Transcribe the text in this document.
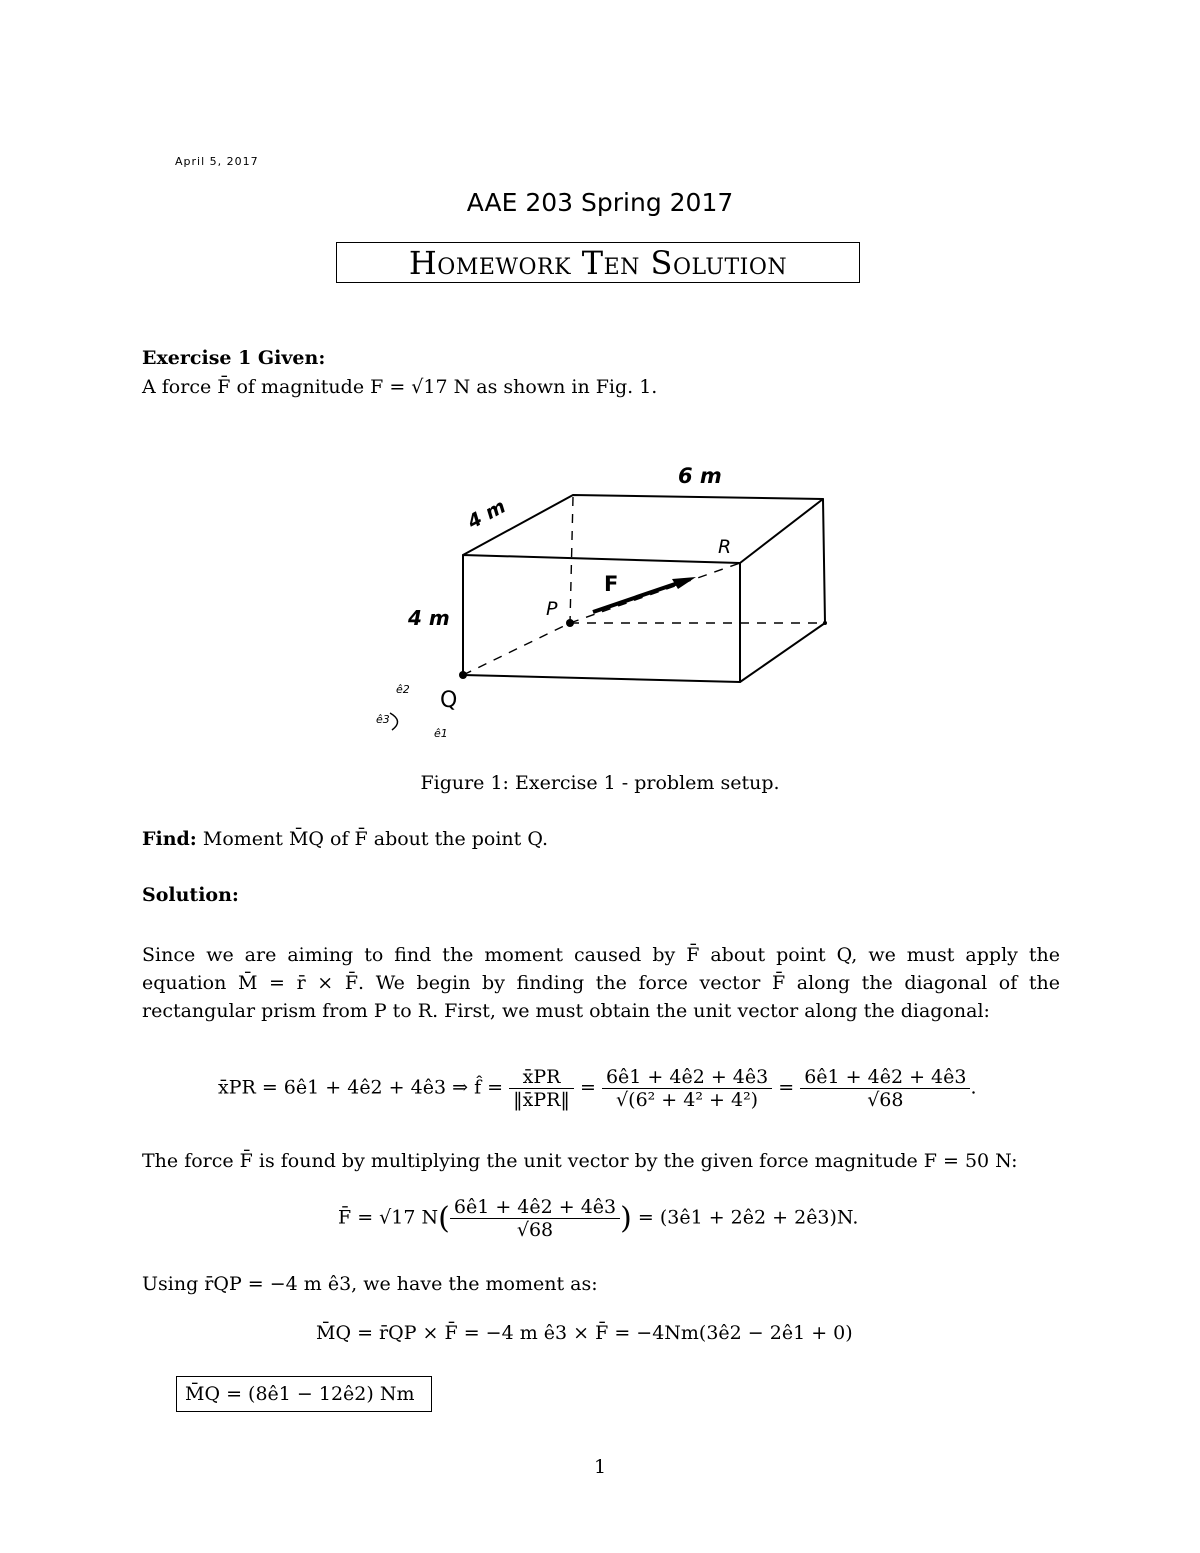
April 5, 2017
AAE 203 Spring 2017
Homework Ten Solution
Exercise 1 Given:
A force F̄ of magnitude F = √17 N as shown in Fig. 1.
6 m
4 m
4 m
R
P
F
Q
ê2
ê3
ê1
Figure 1: Exercise 1 - problem setup.
Find: Moment M̄Q of F̄ about the point Q.
Solution:
Since we are aiming to find the moment caused by F̄ about point Q, we must apply the equation M̄ = r̄ × F̄. We begin by finding the force vector F̄ along the diagonal of the rectangular prism from P to R. First, we must obtain the unit vector along the diagonal:
x̄PR = 6ê1 + 4ê2 + 4ê3 ⇒ f̂ = $\frac{x̄PR}{‖x̄PR‖} = \frac{6ê1 + 4ê2 + 4ê3}{\text{√(6² + 4² + 4²)}} = \frac{6ê1 + 4ê2 + 4ê3}{√68}$ .
The force F̄ is found by multiplying the unit vector by the given force magnitude F = 50 N:
F̄ = √17 $N( \frac{6ê1 + 4ê2 + 4ê3}{√68}$ ) = (3ê1 + 2ê2 + 2ê3)N.
Using r̄QP = −4 m ê3, we have the moment as:
M̄Q = r̄QP × F̄ = −4 m ê3 × F̄ = −4Nm(3ê2 − 2ê1 + 0)
M̄Q = (8ê1 − 12ê2) Nm
1
